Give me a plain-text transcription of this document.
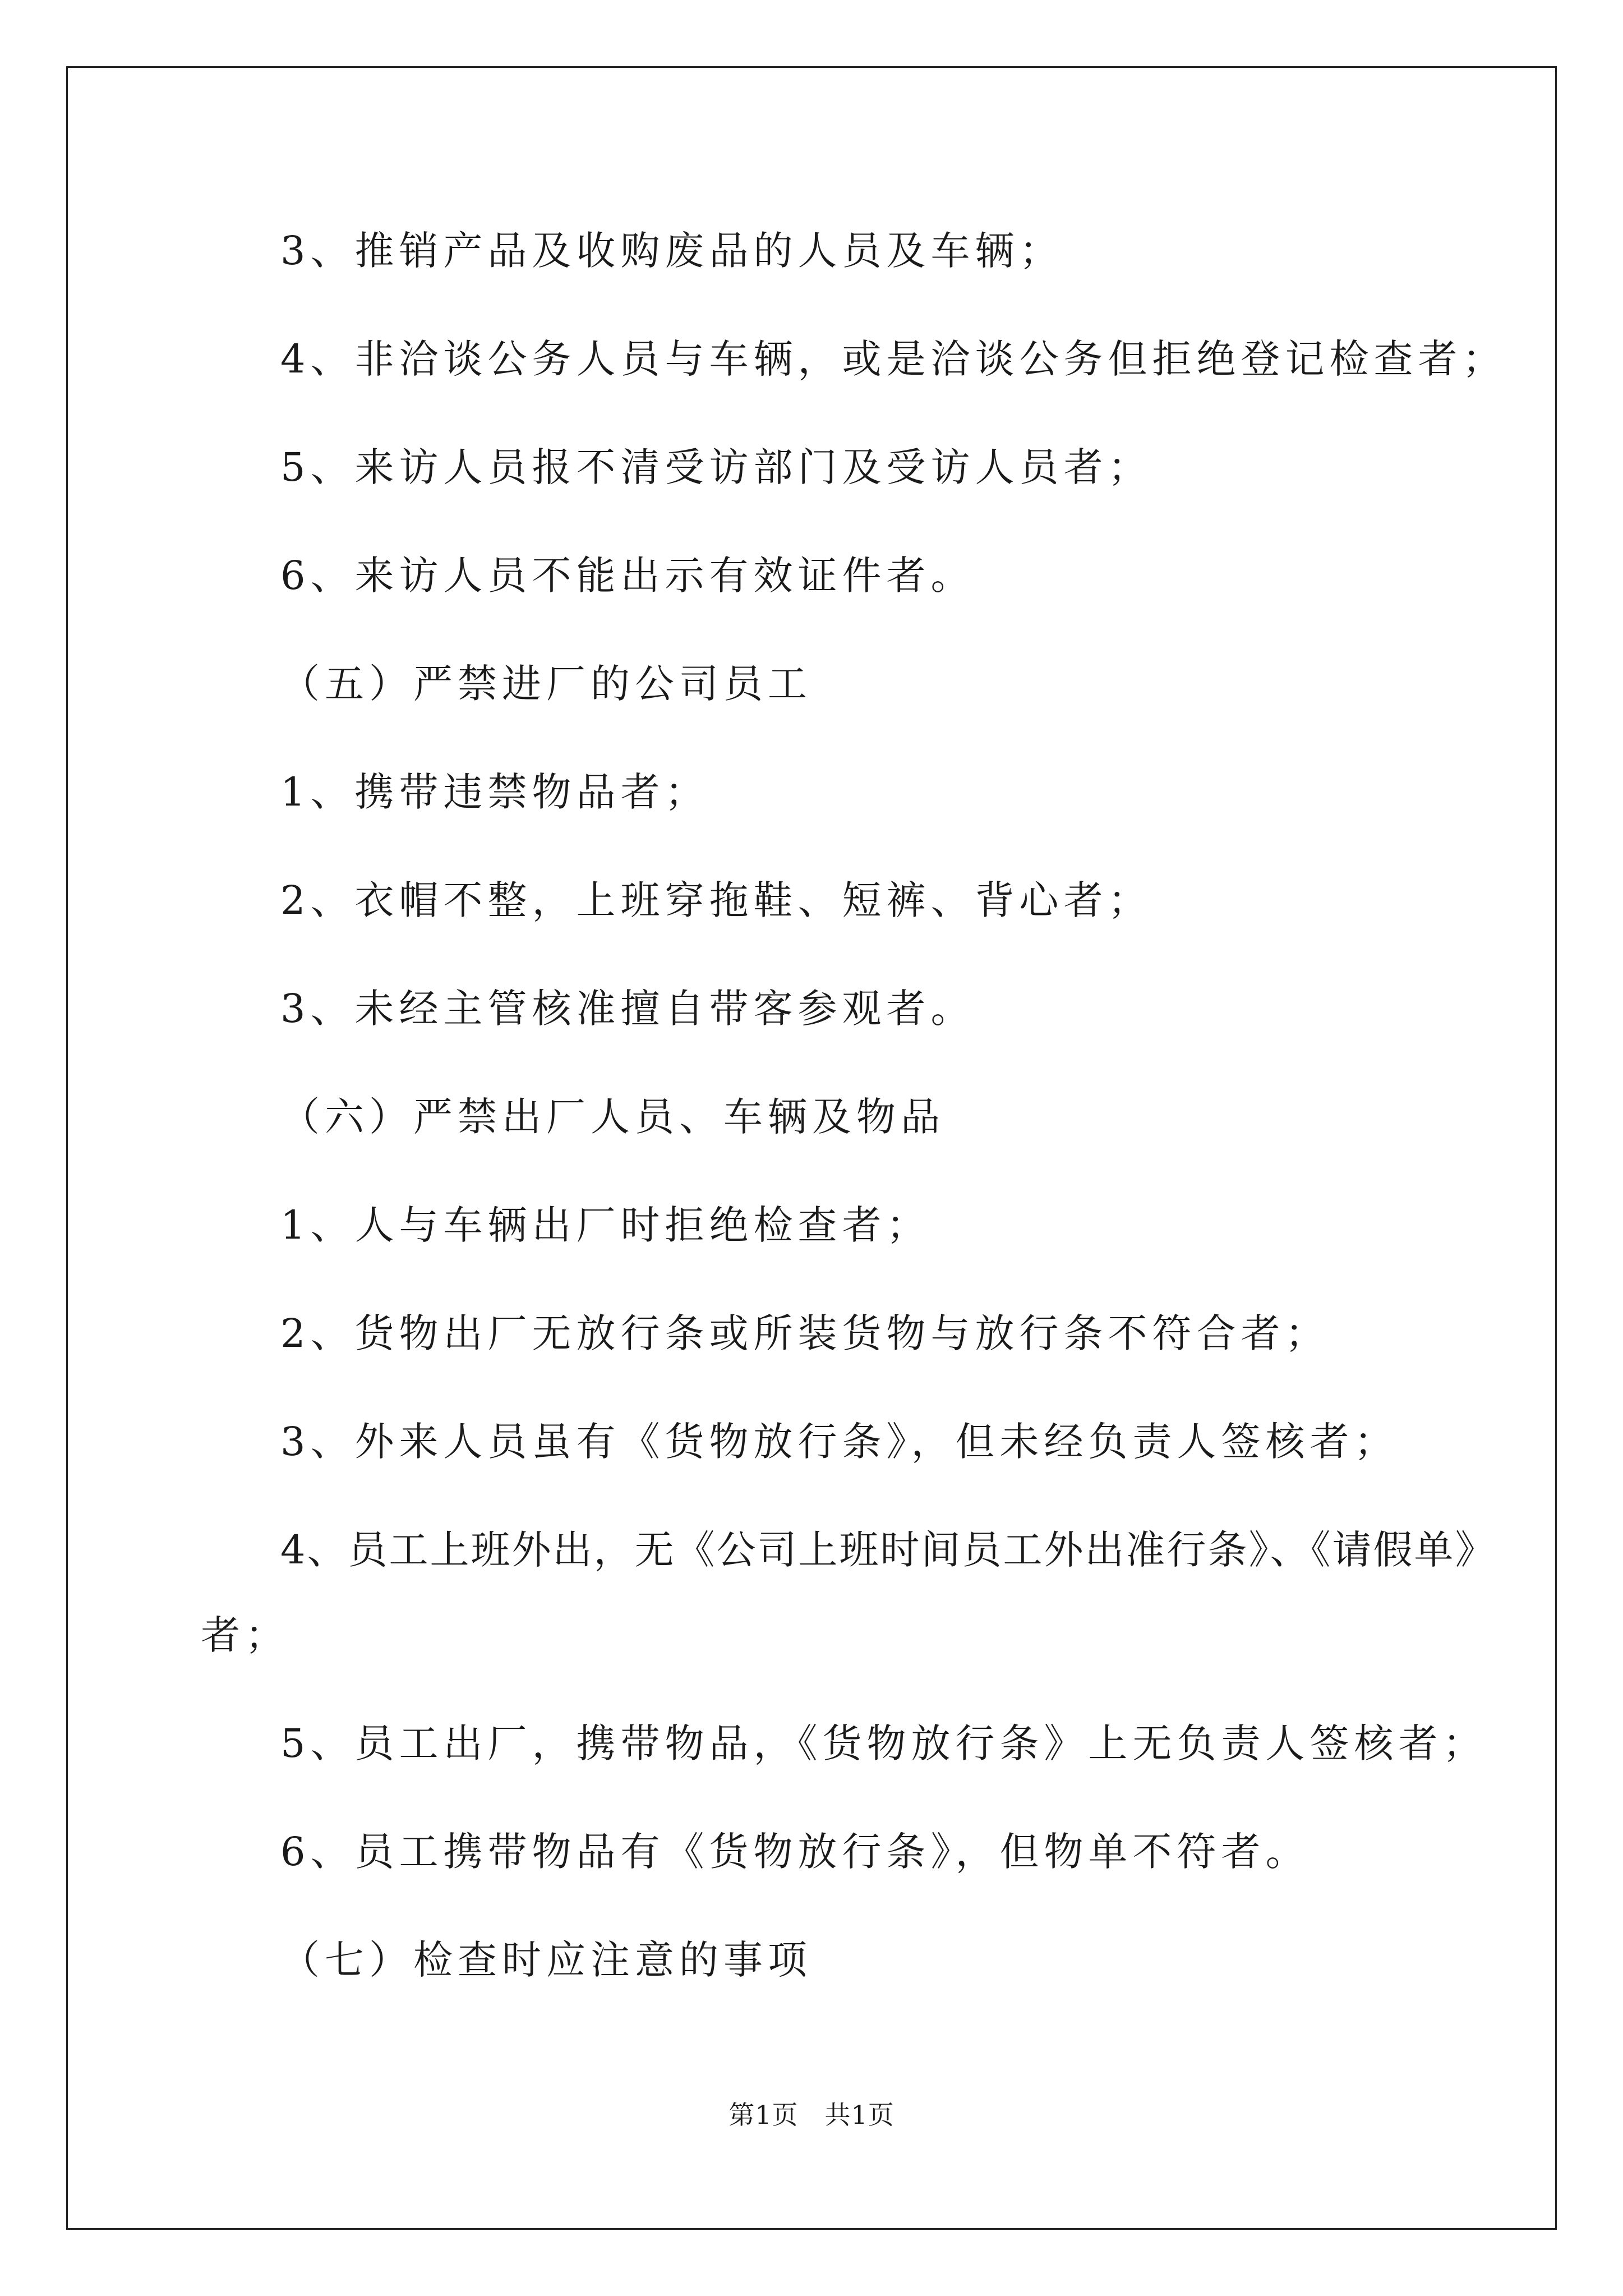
3、推销产品及收购废品的人员及车辆；
4、非洽谈公务人员与车辆，或是洽谈公务但拒绝登记检查者；
5、来访人员报不清受访部门及受访人员者；
6、来访人员不能出示有效证件者。
（五）严禁进厂的公司员工
1、携带违禁物品者；
2、衣帽不整，上班穿拖鞋、短裤、背心者；
3、未经主管核准擅自带客参观者。
（六）严禁出厂人员、车辆及物品
1、人与车辆出厂时拒绝检查者；
2、货物出厂无放行条或所装货物与放行条不符合者；
3、外来人员虽有《货物放行条》，但未经负责人签核者；
4、员工上班外出，无《公司上班时间员工外出准行条》、《请假单》
者；
5、员工出厂，携带物品，《货物放行条》上无负责人签核者；
6、员工携带物品有《货物放行条》，但物单不符者。
（七）检查时应注意的事项
第1页 共1页
